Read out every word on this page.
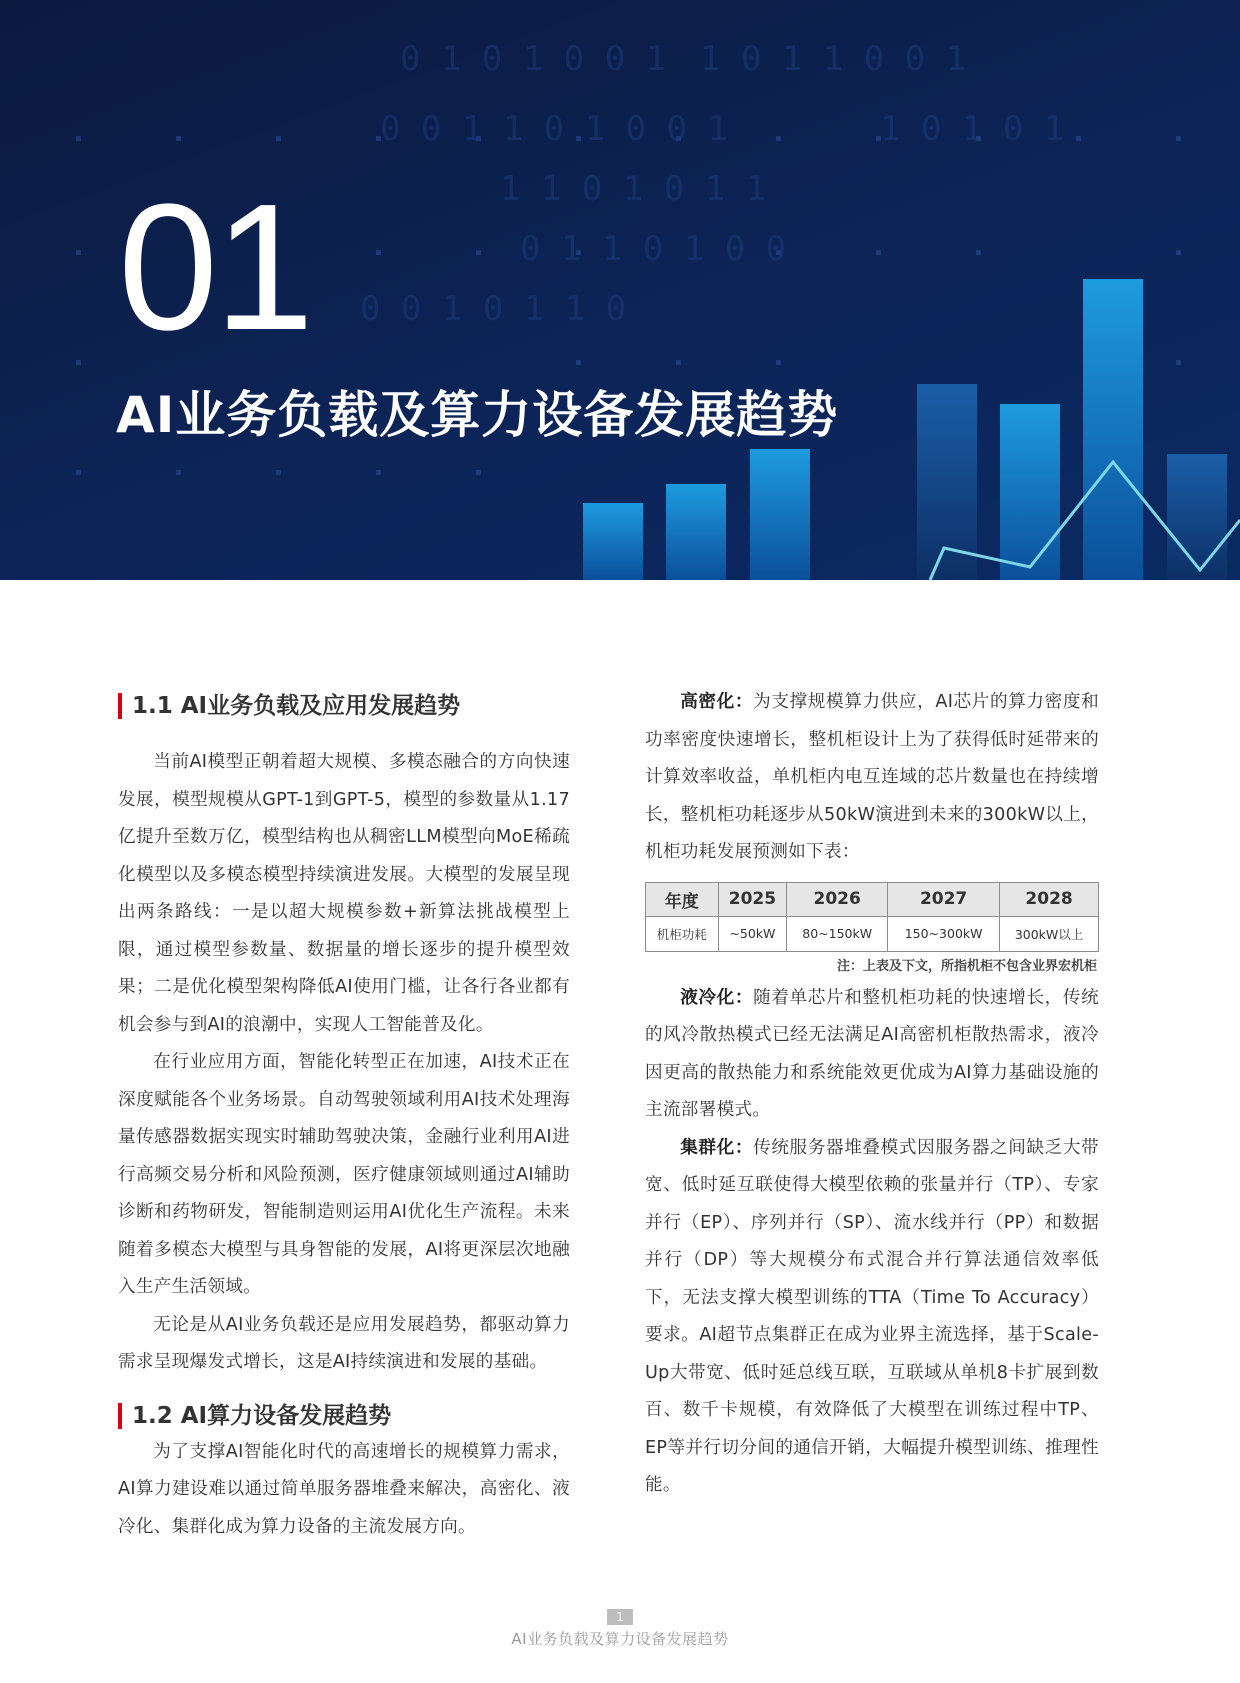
0 1 0 1 0 0 1
0 0 1 1 0 1 0 0 1
1 1 0 1 0 1 1
0 1 1 0 1 0 0
0 0 1 0 1 1 0
1 0 1 1 0 0 1
1 0 1 0 1
01
AI业务负载及算力设备发展趋势
1.1 AI业务负载及应用发展趋势

当前AI模型正朝着超大规模、多模态融合的方向快速发展，模型规模从GPT-1到GPT-5，模型的参数量从1.17亿提升至数万亿，模型结构也从稠密LLM模型向MoE稀疏化模型以及多模态模型持续演进发展。大模型的发展呈现出两条路线：一是以超大规模参数+新算法挑战模型上限，通过模型参数量、数据量的增长逐步的提升模型效果；二是优化模型架构降低AI使用门槛，让各行各业都有机会参与到AI的浪潮中，实现人工智能普及化。

在行业应用方面，智能化转型正在加速，AI技术正在深度赋能各个业务场景。自动驾驶领域利用AI技术处理海量传感器数据实现实时辅助驾驶决策，金融行业利用AI进行高频交易分析和风险预测，医疗健康领域则通过AI辅助诊断和药物研发，智能制造则运用AI优化生产流程。未来随着多模态大模型与具身智能的发展，AI将更深层次地融入生产生活领域。

无论是从AI业务负载还是应用发展趋势，都驱动算力需求呈现爆发式增长，这是AI持续演进和发展的基础。

1.2 AI算力设备发展趋势

为了支撑AI智能化时代的高速增长的规模算力需求，AI算力建设难以通过简单服务器堆叠来解决，高密化、液冷化、集群化成为算力设备的主流发展方向。

高密化：为支撑规模算力供应，AI芯片的算力密度和功率密度快速增长，整机柜设计上为了获得低时延带来的计算效率收益，单机柜内电互连域的芯片数量也在持续增长，整机柜功耗逐步从50kW演进到未来的300kW以上，机柜功耗发展预测如下表：

年度	2025	2026	2027	2028
机柜功耗	~50kW	80~150kW	150~300kW	300kW以上
注：上表及下文，所指机柜不包含业界宏机柜

液冷化：随着单芯片和整机柜功耗的快速增长，传统的风冷散热模式已经无法满足AI高密机柜散热需求，液冷因更高的散热能力和系统能效更优成为AI算力基础设施的主流部署模式。

集群化：传统服务器堆叠模式因服务器之间缺乏大带宽、低时延互联使得大模型依赖的张量并行（TP）、专家并行（EP）、序列并行（SP）、流水线并行（PP）和数据并行（DP）等大规模分布式混合并行算法通信效率低下，无法支撑大模型训练的TTA（Time To Accuracy）要求。AI超节点集群正在成为业界主流选择，基于Scale-Up大带宽、低时延总线互联，互联域从单机8卡扩展到数百、数千卡规模，有效降低了大模型在训练过程中TP、EP等并行切分间的通信开销，大幅提升模型训练、推理性能。

1
AI业务负载及算力设备发展趋势
